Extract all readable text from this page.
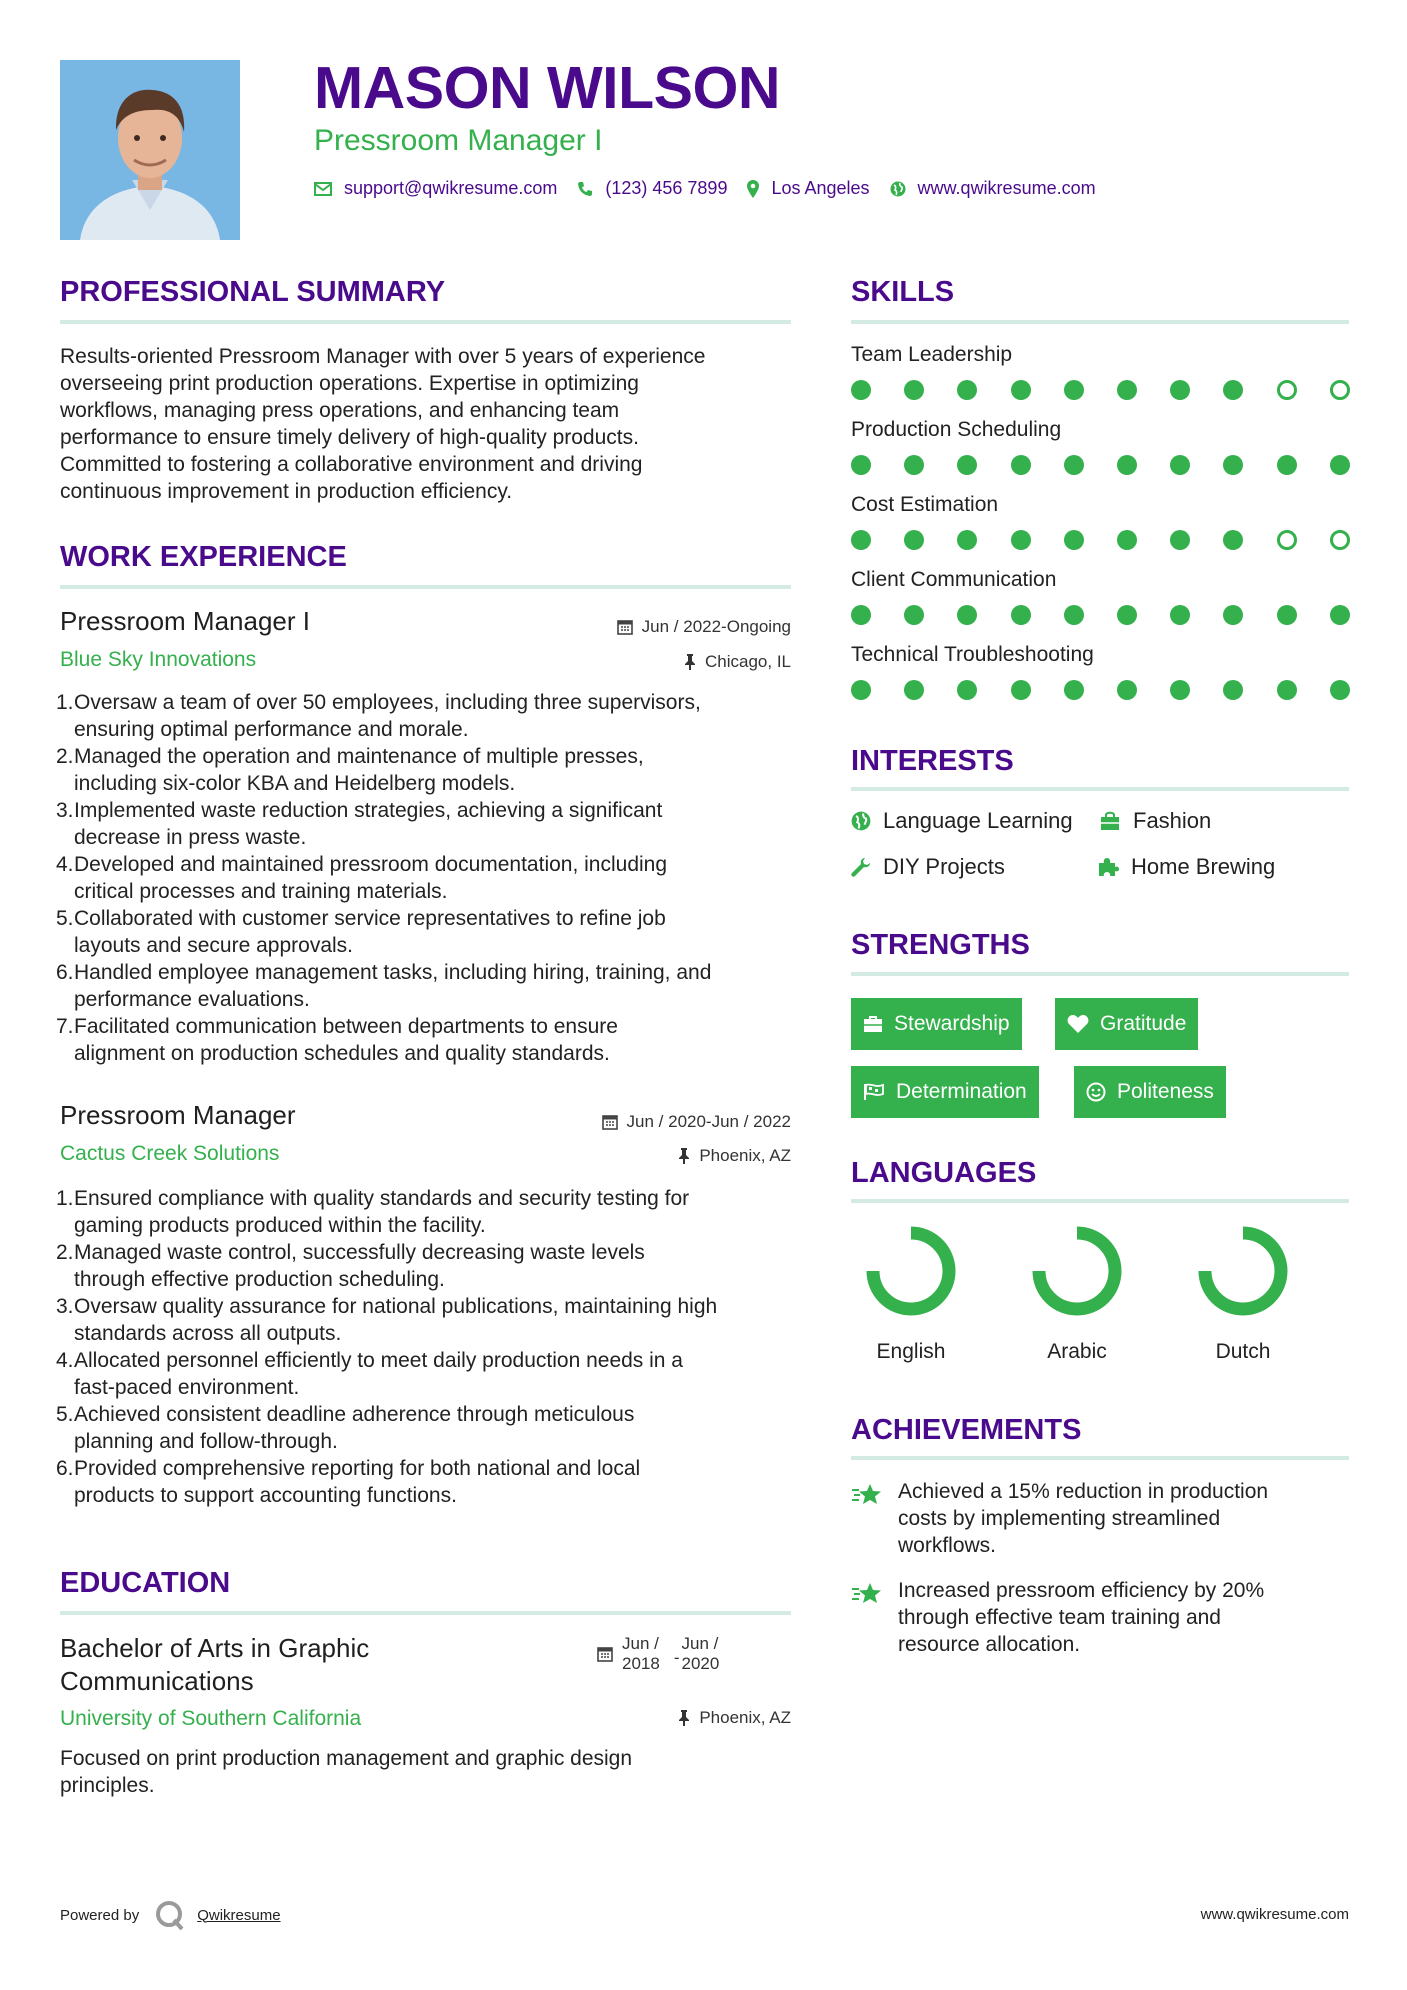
MASON WILSON
Pressroom Manager I
support@qwikresume.com	(123) 456 7899 Los Angeles	www.qwikresume.com
PROFESSIONAL SUMMARY
Results-oriented Pressroom Manager with over 5 years of experience
overseeing print production operations. Expertise in optimizing
workflows, managing press operations, and enhancing team
performance to ensure timely delivery of high-quality products.
Committed to fostering a collaborative environment and driving
continuous improvement in production efficiency.
WORK EXPERIENCE
Pressroom Manager I
Blue Sky Innovations
Jun / 2022-Ongoing
Chicago, IL
1. Oversaw a team of over 50 employees, including three supervisors,
ensuring optimal performance and morale.
2. Managed the operation and maintenance of multiple presses,
including six-color KBA and Heidelberg models.
3. Implemented waste reduction strategies, achieving a significant
decrease in press waste.
4. Developed and maintained pressroom documentation, including
critical processes and training materials.
5. Collaborated with customer service representatives to refine job
layouts and secure approvals.
6. Handled employee management tasks, including hiring, training, and
performance evaluations.
7. Facilitated communication between departments to ensure
alignment on production schedules and quality standards.
Pressroom Manager
Cactus Creek Solutions
Jun / 2020-Jun / 2022
Phoenix, AZ
1. Ensured compliance with quality standards and security testing for
gaming products produced within the facility.
2. Managed waste control, successfully decreasing waste levels
through effective production scheduling.
3. Oversaw quality assurance for national publications, maintaining high
standards across all outputs.
4. Allocated personnel efficiently to meet daily production needs in a
fast-paced environment.
5. Achieved consistent deadline adherence through meticulous
planning and follow-through.
6. Provided comprehensive reporting for both national and local
products to support accounting functions.
EDUCATION
Bachelor of Arts in Graphic
Communications
University of Southern California
Jun /
2018 -
Jun /
2020
Phoenix, AZ
Focused on print production management and graphic design
principles.
SKILLS
Team Leadership
Production Scheduling
Cost Estimation
Client Communication
Technical Troubleshooting
INTERESTS
Language Learning	Fashion
DIY Projects	Home Brewing
STRENGTHS
Stewardship	Gratitude
Determination	Politeness
LANGUAGES
English	Arabic	Dutch
ACHIEVEMENTS
Achieved a 15% reduction in production
costs by implementing streamlined
workflows.
Increased pressroom efficiency by 20%
through effective team training and
resource allocation.
Powered by	Qwikresume	www.qwikresume.com
